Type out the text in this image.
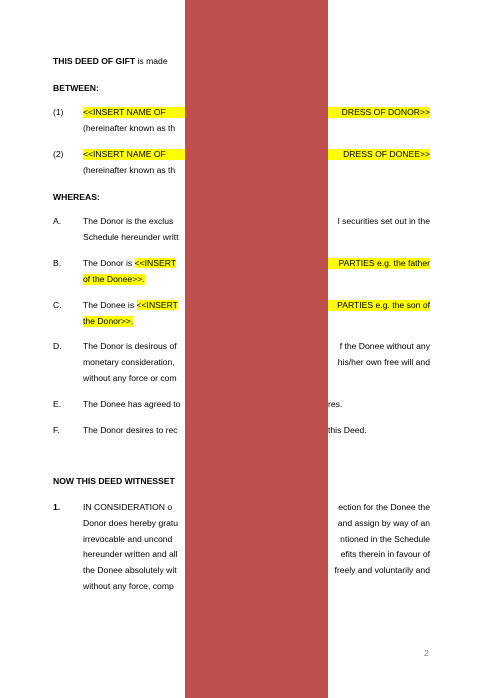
THIS DEED OF GIFT is made
BETWEEN:
(1) <<INSERT NAME OF	DRESS OF DONOR>>
(hereinafter known as th
(2) <<INSERT NAME OF	DRESS OF DONEE>>
(hereinafter known as th
WHEREAS:
A.	The Donor is the exclus	l securities set out in the
Schedule hereunder writt
B.	The Donor is <<INSERT	PARTIES e.g. the father
of the Donee>>.
C. The Donee is <<INSERT	PARTIES e.g. the son of
the Donor>>.
D. The Donor is desirous of	f the Donee without any
monetary consideration,	his/her own free will and
without any force or com
E.	The Donee has agreed to	res.
F.	The Donor desires to rec	this Deed.
NOW THIS DEED WITNESSET
1.	IN CONSIDERATION o	ection for the Donee the
Donor does hereby gratu	and assign by way of an
irrevocable and uncond	ntioned in the Schedule
hereunder written and all	efits therein in favour of
the Donee absolutely wit	freely and voluntarily and
without any force, comp
2
